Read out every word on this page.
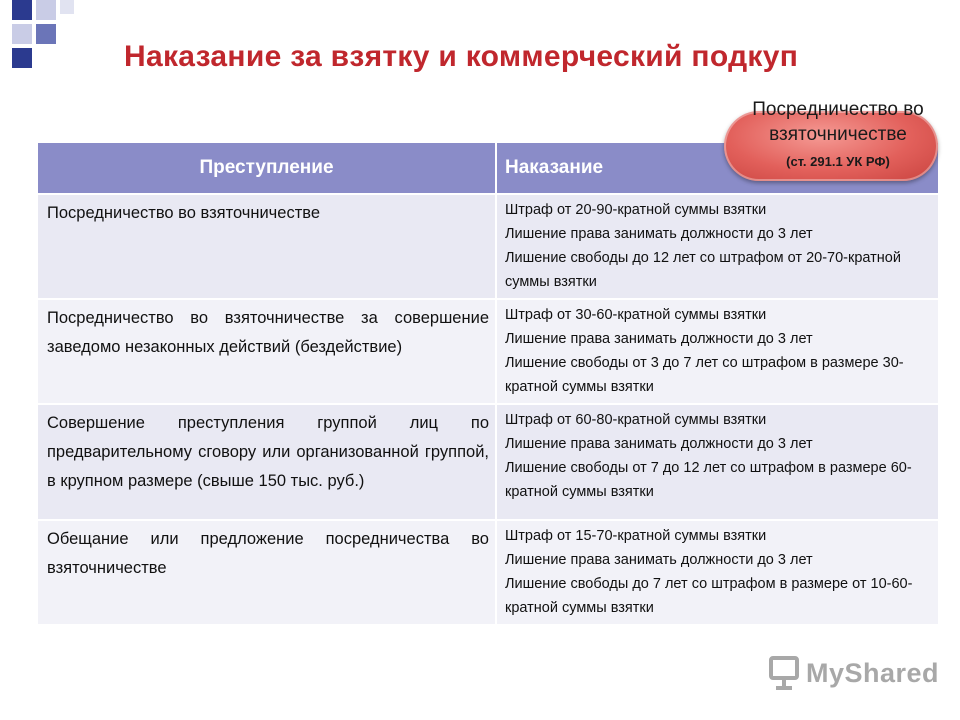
Наказание за взятку и коммерческий подкуп
Преступление	Наказание
Посредничество во взяточничестве	Штраф от 20-90-кратной суммы взятки
Лишение права занимать должности до 3 лет
Лишение свободы до 12 лет со штрафом от 20-70-кратной суммы взятки

Посредничество во взяточничестве за совершение заведомо незаконных действий (бездействие)	Штраф от 30-60-кратной суммы взятки
Лишение права занимать должности до 3 лет
Лишение свободы от 3 до 7 лет со штрафом в размере 30-кратной суммы взятки

Совершение преступления группой лиц по предварительному сговору или организованной группой, в крупном размере (свыше 150 тыс. руб.)	Штраф от 60-80-кратной суммы взятки
Лишение права занимать должности до 3 лет
Лишение свободы от 7 до 12 лет со штрафом в размере 60-кратной суммы взятки

Обещание или предложение посредничества во взяточничестве	Штраф от 15-70-кратной суммы взятки
Лишение права занимать должности до 3 лет
Лишение свободы до 7 лет со штрафом в размере от 10-60-кратной суммы взятки
Посредничество во
взяточничестве
(ст. 291.1 УК РФ)
MyShared
